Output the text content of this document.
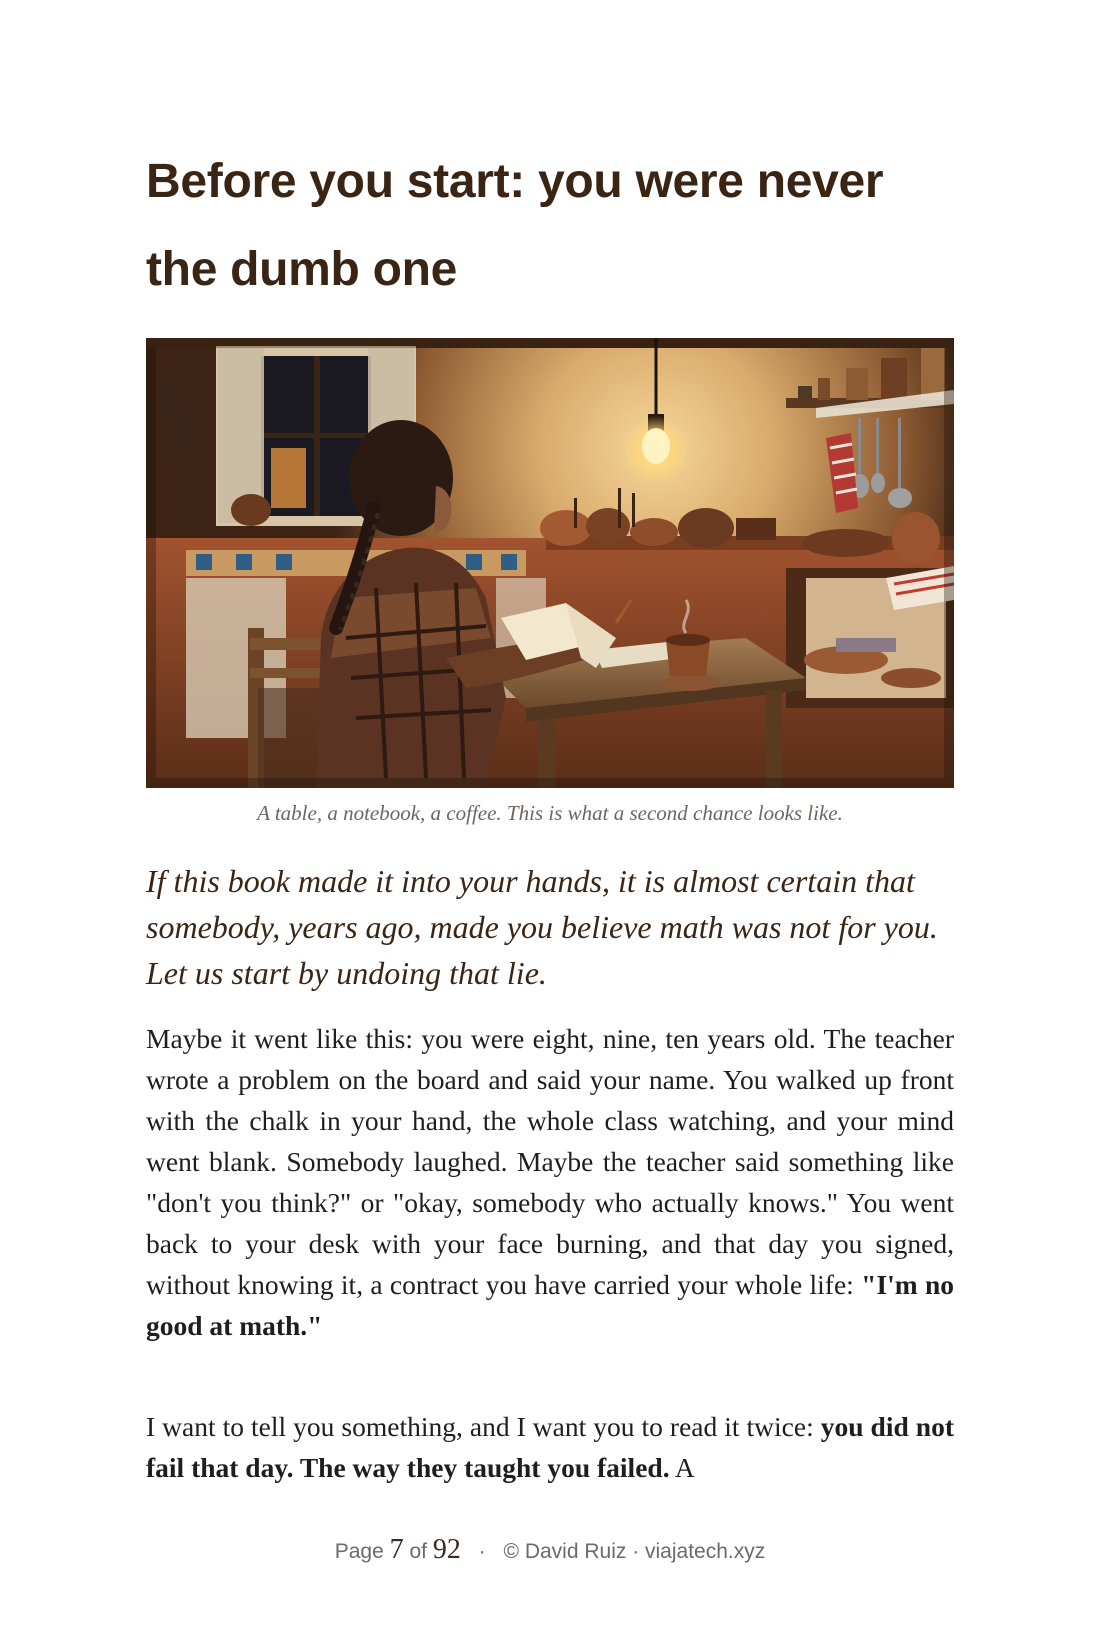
Before you start: you were never the dumb one
A table, a notebook, a coffee. This is what a second chance looks like.

If this book made it into your hands, it is almost certain that somebody, years ago, made you believe math was not for you. Let us start by undoing that lie.

Maybe it went like this: you were eight, nine, ten years old. The teacher wrote a problem on the board and said your name. You walked up front with the chalk in your hand, the whole class watching, and your mind went blank. Somebody laughed. Maybe the teacher said something like "don't you think?" or "okay, somebody who actually knows." You went back to your desk with your face burning, and that day you signed, without knowing it, a contract you have carried your whole life: "I'm no good at math."

I want to tell you something, and I want you to read it twice: you did not fail that day. The way they taught you failed. A

Page 7 of 92 · © David Ruiz · viajatech.xyz
